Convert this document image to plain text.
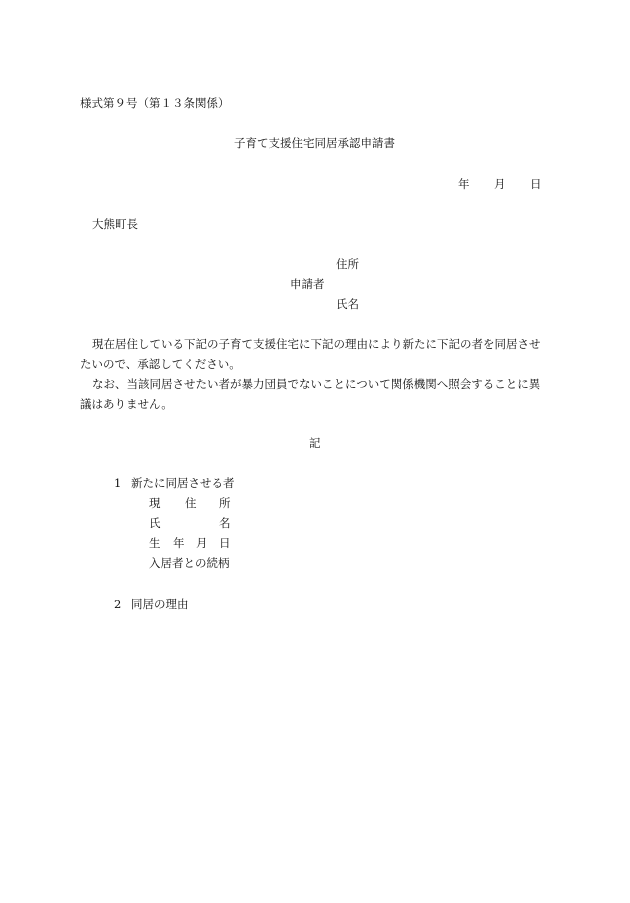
様式第９号（第１３条関係）
子育て支援住宅同居承認申請書
年 月 日
大熊町長
住所
申請者
氏名
現在居住している下記の子育て支援住宅に下記の理由により新たに下記の者を同居させ
たいので、承認してください。
なお、当該同居させたい者が暴力団員でないことについて関係機関へ照会することに異
議はありません。
記
1 新たに同居させる者
現 住 所
氏	名
生 年 月 日
入居者との続柄
2 同居の理由
